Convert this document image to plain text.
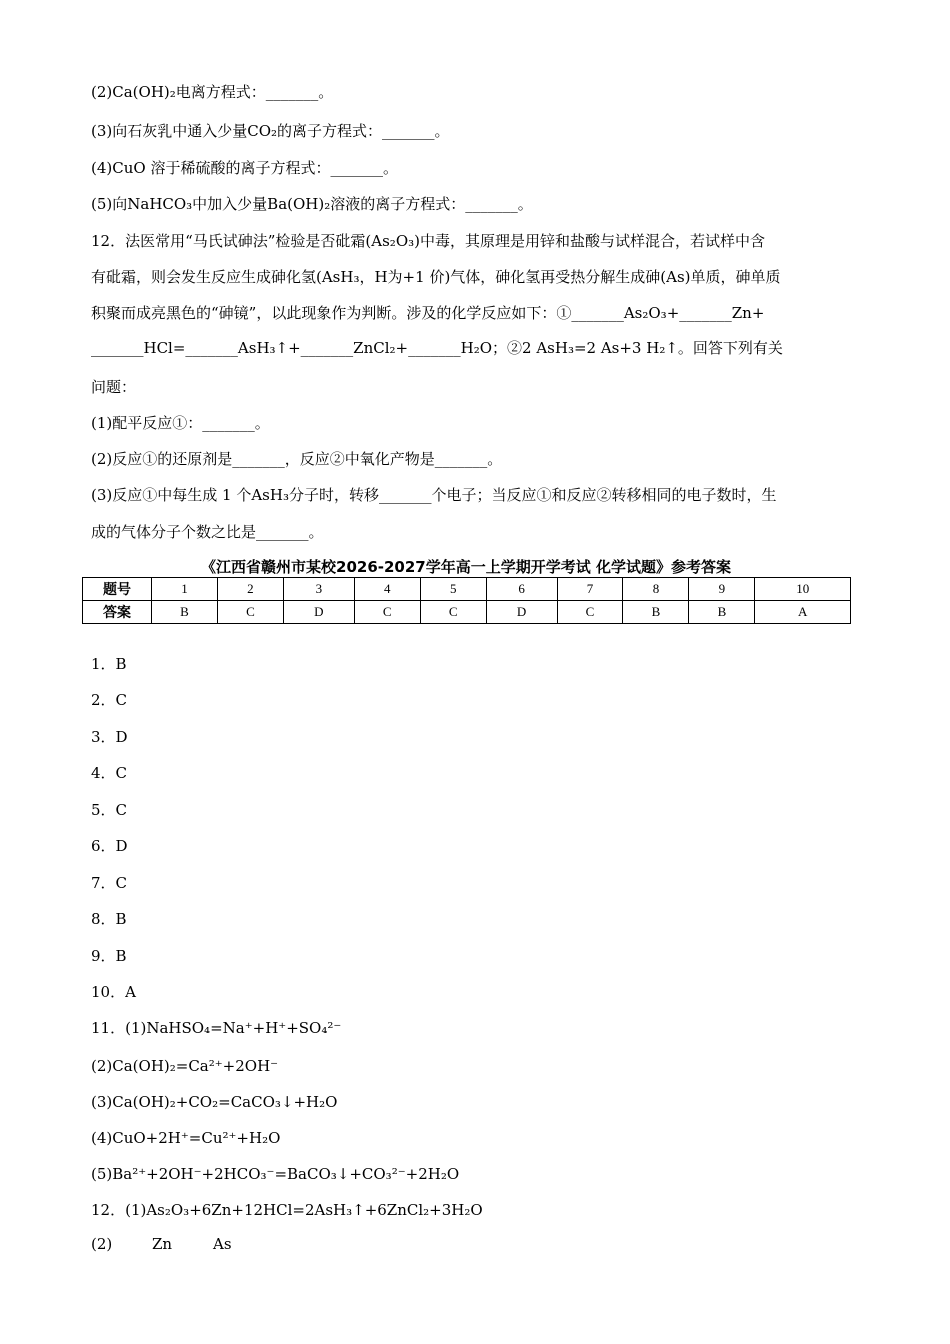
(2)Ca(OH)₂电离方程式：_______。
(3)向石灰乳中通入少量CO₂的离子方程式：_______。
(4)CuO 溶于稀硫酸的离子方程式：_______。
(5)向NaHCO₃中加入少量Ba(OH)₂溶液的离子方程式：_______。
12．法医常用“马氏试砷法”检验是否砒霜(As₂O₃)中毒，其原理是用锌和盐酸与试样混合，若试样中含
有砒霜，则会发生反应生成砷化氢(AsH₃，H为+1 价)气体，砷化氢再受热分解生成砷(As)单质，砷单质
积聚而成亮黑色的“砷镜”，以此现象作为判断。涉及的化学反应如下：①_______As₂O₃+_______Zn+
_______HCl=_______AsH₃↑+_______ZnCl₂+_______H₂O；②2 AsH₃=2 As+3 H₂↑。回答下列有关
问题：
(1)配平反应①：_______。
(2)反应①的还原剂是_______，反应②中氧化产物是_______。
(3)反应①中每生成 1 个AsH₃分子时，转移_______个电子；当反应①和反应②转移相同的电子数时，生
成的气体分子个数之比是_______。
《江西省赣州市某校2026-2027学年高一上学期开学考试 化学试题》参考答案
题号	1	2	3	4	5	6	7	8	9	10
答案	B	C	D	C	C	D	C	B	B	A
1．B
2．C
3．D
4．C
5．C
6．D
7．C
8．B
9．B
10．A
11．(1)NaHSO₄=Na⁺+H⁺+SO₄²⁻
(2)Ca(OH)₂=Ca²⁺+2OH⁻
(3)Ca(OH)₂+CO₂=CaCO₃↓+H₂O
(4)CuO+2H⁺=Cu²⁺+H₂O
(5)Ba²⁺+2OH⁻+2HCO₃⁻=BaCO₃↓+CO₃²⁻+2H₂O
12．(1)As₂O₃+6Zn+12HCl=2AsH₃↑+6ZnCl₂+3H₂O
(2)	Zn	As
